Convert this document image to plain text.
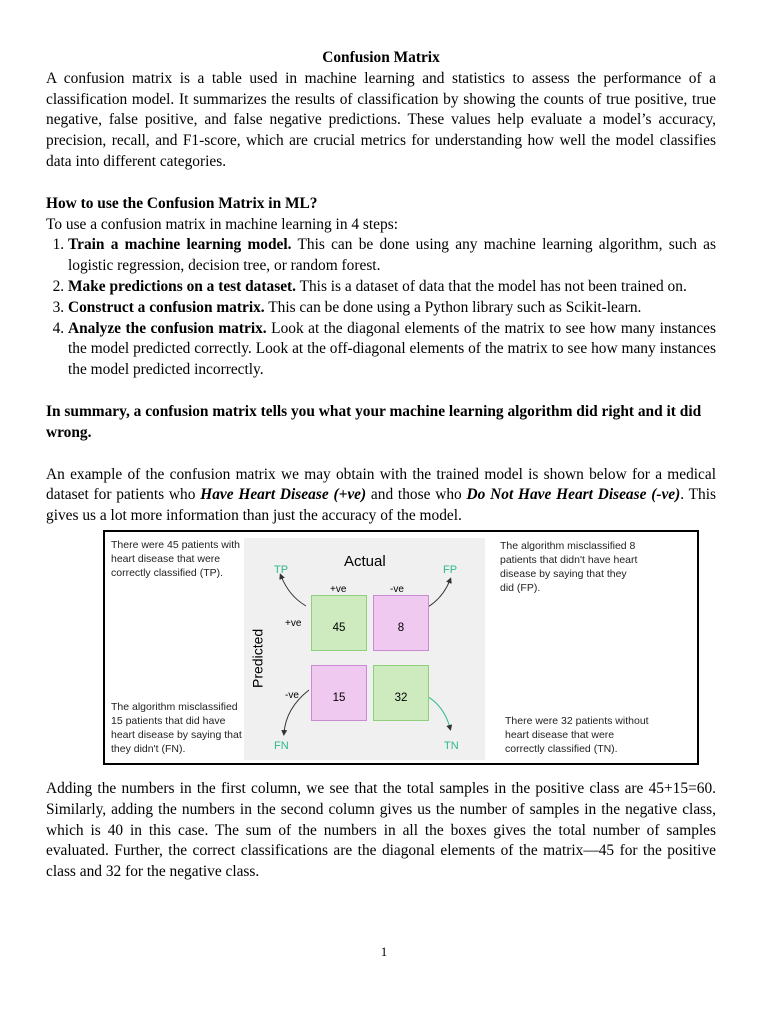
Confusion Matrix

A confusion matrix is a table used in machine learning and statistics to assess the performance of a classification model. It summarizes the results of classification by showing the counts of true positive, true negative, false positive, and false negative predictions. These values help evaluate a model’s accuracy, precision, recall, and F1-score, which are crucial metrics for understanding how well the model classifies data into different categories.

How to use the Confusion Matrix in ML?

To use a confusion matrix in machine learning in 4 steps:

1. Train a machine learning model. This can be done using any machine learning algorithm, such as logistic regression, decision tree, or random forest.
2. Make predictions on a test dataset. This is a dataset of data that the model has not been trained on.
3. Construct a confusion matrix. This can be done using a Python library such as Scikit-learn.
4. Analyze the confusion matrix. Look at the diagonal elements of the matrix to see how many instances the model predicted correctly. Look at the off-diagonal elements of the matrix to see how many instances the model predicted incorrectly.

In summary, a confusion matrix tells you what your machine learning algorithm did right and it did wrong.

An example of the confusion matrix we may obtain with the trained model is shown below for a medical dataset for patients who Have Heart Disease (+ve) and those who Do Not Have Heart Disease (-ve). This gives us a lot more information than just the accuracy of the model.

There were 45 patients with heart disease that were correctly classified (TP).
The algorithm misclassified 8 patients that didn't have heart disease by saying that they did (FP).
The algorithm misclassified 15 patients that did have heart disease by saying that they didn't (FN).
There were 32 patients without heart disease that were correctly classified (TN).
TP	FP
FN	TN
Actual
+ve	-ve
+ve
-ve
Predicted
45	8
15	32

Adding the numbers in the first column, we see that the total samples in the positive class are 45+15=60. Similarly, adding the numbers in the second column gives us the number of samples in the negative class, which is 40 in this case. The sum of the numbers in all the boxes gives the total number of samples evaluated. Further, the correct classifications are the diagonal elements of the matrix—45 for the positive class and 32 for the negative class.

1
